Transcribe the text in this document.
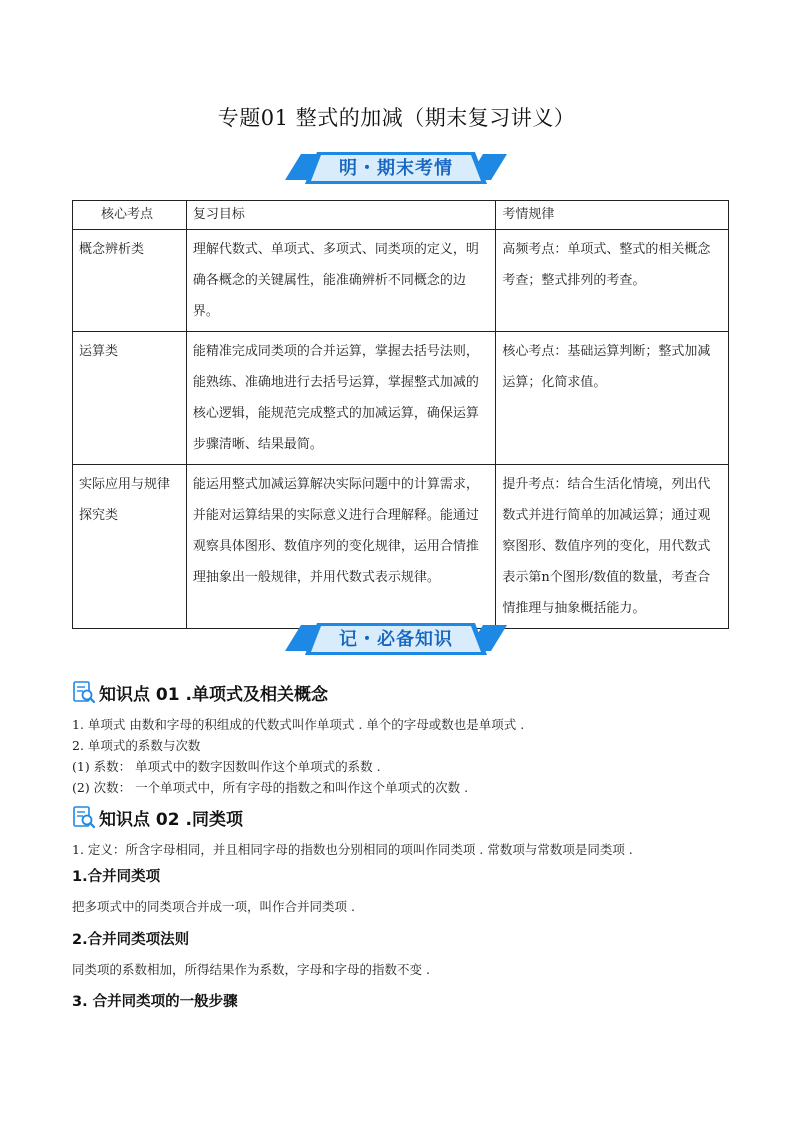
专题01 整式的加减（期末复习讲义）
明・期末考情
核心考点	复习目标	考情规律
概念辨析类	理解代数式、单项式、多项式、同类项的定义，明确各概念的关键属性，能准确辨析不同概念的边界。	高频考点：单项式、整式的相关概念考查；整式排列的考查。
运算类	能精准完成同类项的合并运算，掌握去括号法则，能熟练、准确地进行去括号运算，掌握整式加减的核心逻辑，能规范完成整式的加减运算，确保运算步骤清晰、结果最简。	核心考点：基础运算判断；整式加减运算；化简求值。
实际应用与规律探究类	能运用整式加减运算解决实际问题中的计算需求，并能对运算结果的实际意义进行合理解释。能通过观察具体图形、数值序列的变化规律，运用合情推理抽象出一般规律，并用代数式表示规律。	提升考点：结合生活化情境，列出代数式并进行简单的加减运算；通过观察图形、数值序列的变化，用代数式表示第n个图形/数值的数量，考查合情推理与抽象概括能力。
记・必备知识
知识点 01 .单项式及相关概念
1. 单项式 由数和字母的积组成的代数式叫作单项式 . 单个的字母或数也是单项式 .
2. 单项式的系数与次数
(1) 系数： 单项式中的数字因数叫作这个单项式的系数 .
(2) 次数： 一个单项式中，所有字母的指数之和叫作这个单项式的次数 .
知识点 02 .同类项
1. 定义：所含字母相同，并且相同字母的指数也分别相同的项叫作同类项 . 常数项与常数项是同类项 .
1.合并同类项
把多项式中的同类项合并成一项，叫作合并同类项 .
2.合并同类项法则
同类项的系数相加，所得结果作为系数，字母和字母的指数不变 .
3. 合并同类项的一般步骤
